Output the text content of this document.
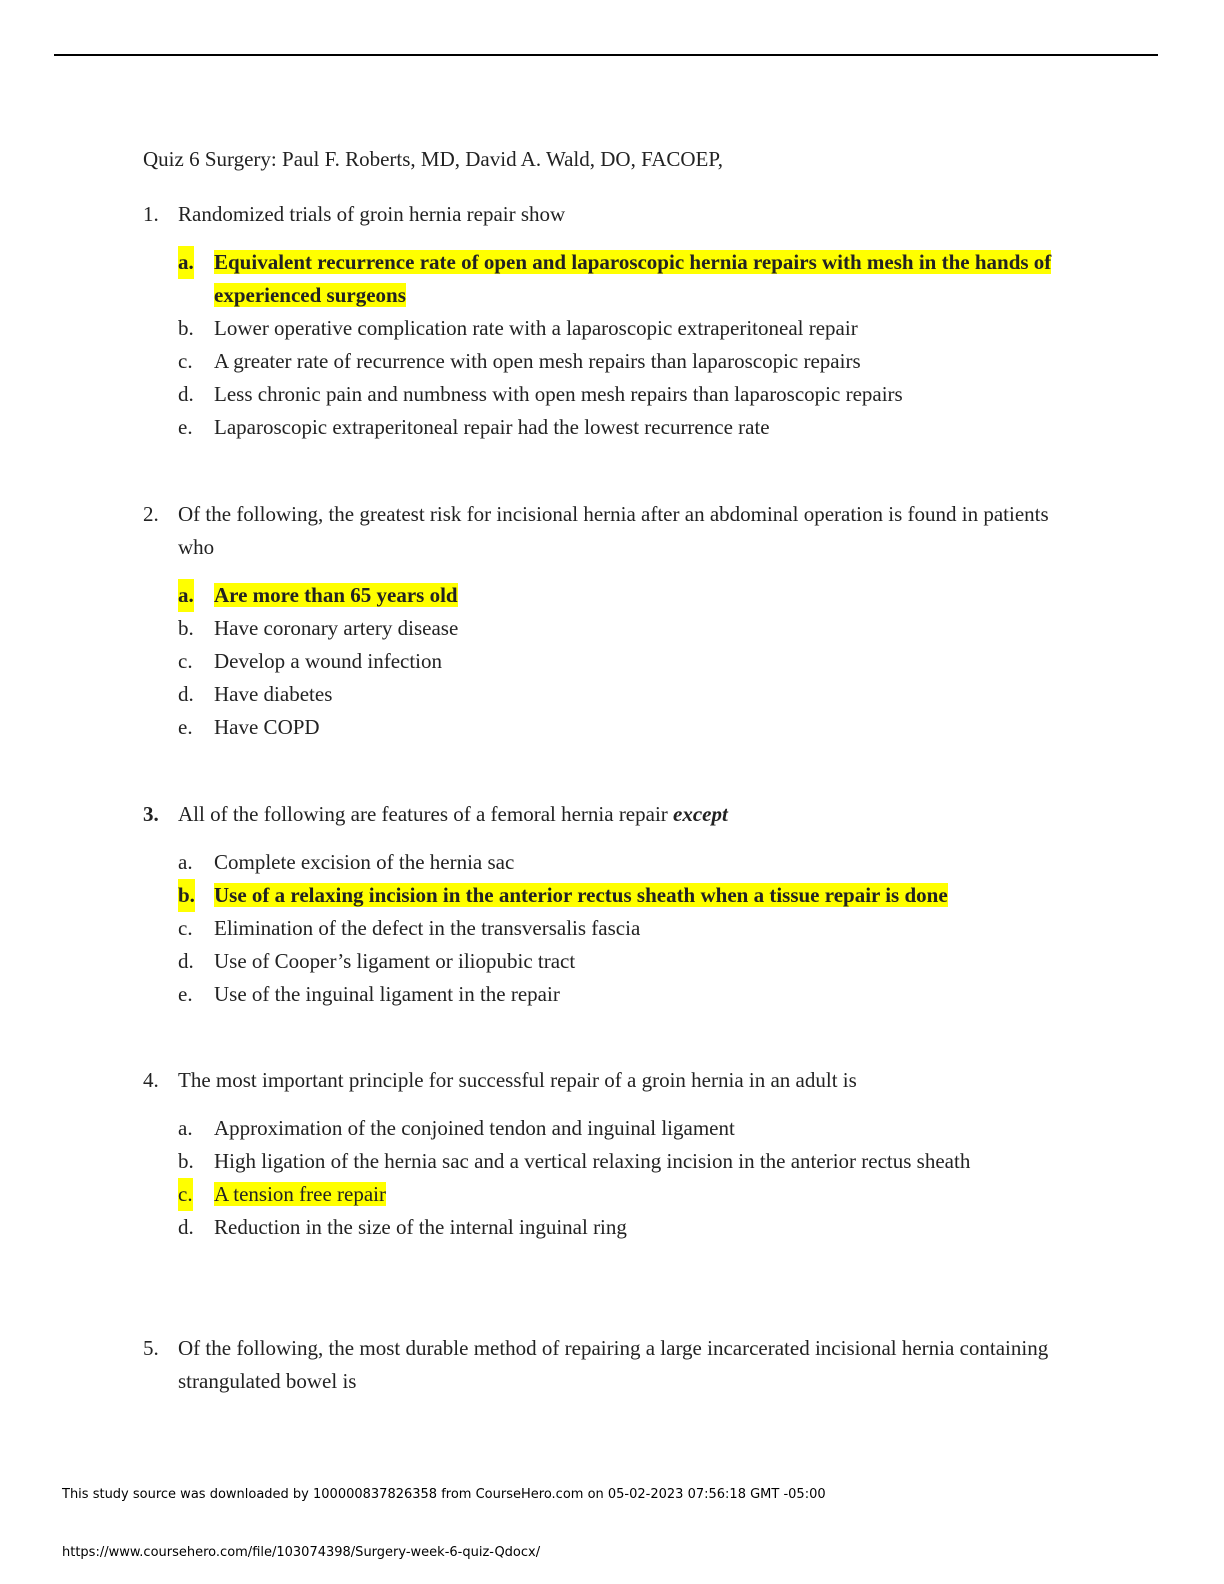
Quiz 6 Surgery: Paul F. Roberts, MD, David A. Wald, DO, FACOEP,
1. Randomized trials of groin hernia repair show
a. Equivalent recurrence rate of open and laparoscopic hernia repairs with mesh in the hands of experienced surgeons
b. Lower operative complication rate with a laparoscopic extraperitoneal repair
c. A greater rate of recurrence with open mesh repairs than laparoscopic repairs
d. Less chronic pain and numbness with open mesh repairs than laparoscopic repairs
e. Laparoscopic extraperitoneal repair had the lowest recurrence rate
2. Of the following, the greatest risk for incisional hernia after an abdominal operation is found in patients who
a. Are more than 65 years old
b. Have coronary artery disease
c. Develop a wound infection
d. Have diabetes
e. Have COPD
3. All of the following are features of a femoral hernia repair except
a. Complete excision of the hernia sac
b. Use of a relaxing incision in the anterior rectus sheath when a tissue repair is done
c. Elimination of the defect in the transversalis fascia
d. Use of Cooper’s ligament or iliopubic tract
e. Use of the inguinal ligament in the repair
4. The most important principle for successful repair of a groin hernia in an adult is
a. Approximation of the conjoined tendon and inguinal ligament
b. High ligation of the hernia sac and a vertical relaxing incision in the anterior rectus sheath
c. A tension free repair
d. Reduction in the size of the internal inguinal ring
5. Of the following, the most durable method of repairing a large incarcerated incisional hernia containing strangulated bowel is
This study source was downloaded by 100000837826358 from CourseHero.com on 05-02-2023 07:56:18 GMT -05:00
https://www.coursehero.com/file/103074398/Surgery-week-6-quiz-Qdocx/
